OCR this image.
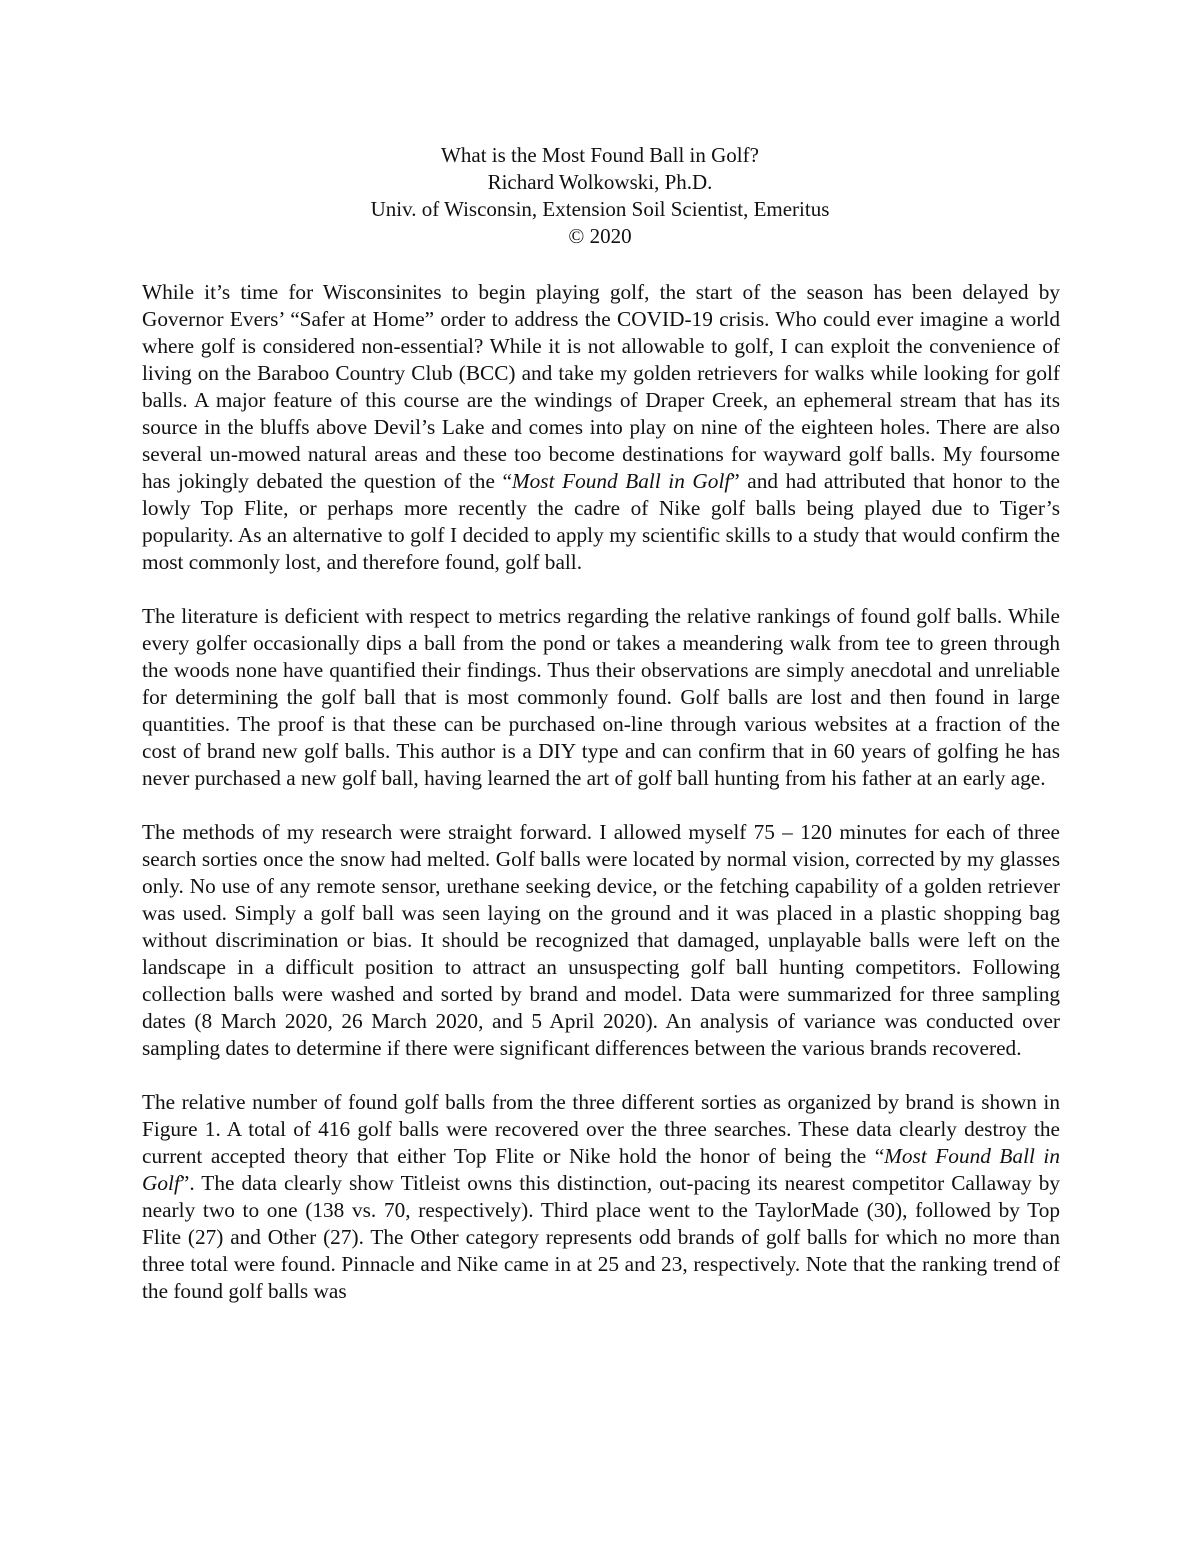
What is the Most Found Ball in Golf?
Richard Wolkowski, Ph.D.
Univ. of Wisconsin, Extension Soil Scientist, Emeritus
© 2020

While it’s time for Wisconsinites to begin playing golf, the start of the season has been delayed by Governor Evers’ “Safer at Home” order to address the COVID-19 crisis. Who could ever imagine a world where golf is considered non-essential? While it is not allowable to golf, I can exploit the convenience of living on the Baraboo Country Club (BCC) and take my golden retrievers for walks while looking for golf balls. A major feature of this course are the windings of Draper Creek, an ephemeral stream that has its source in the bluffs above Devil’s Lake and comes into play on nine of the eighteen holes. There are also several un-mowed natural areas and these too become destinations for wayward golf balls. My foursome has jokingly debated the question of the “Most Found Ball in Golf” and had attributed that honor to the lowly Top Flite, or perhaps more recently the cadre of Nike golf balls being played due to Tiger’s popularity. As an alternative to golf I decided to apply my scientific skills to a study that would confirm the most commonly lost, and therefore found, golf ball.

The literature is deficient with respect to metrics regarding the relative rankings of found golf balls. While every golfer occasionally dips a ball from the pond or takes a meandering walk from tee to green through the woods none have quantified their findings. Thus their observations are simply anecdotal and unreliable for determining the golf ball that is most commonly found. Golf balls are lost and then found in large quantities. The proof is that these can be purchased on-line through various websites at a fraction of the cost of brand new golf balls. This author is a DIY type and can confirm that in 60 years of golfing he has never purchased a new golf ball, having learned the art of golf ball hunting from his father at an early age.

The methods of my research were straight forward. I allowed myself 75 – 120 minutes for each of three search sorties once the snow had melted. Golf balls were located by normal vision, corrected by my glasses only. No use of any remote sensor, urethane seeking device, or the fetching capability of a golden retriever was used. Simply a golf ball was seen laying on the ground and it was placed in a plastic shopping bag without discrimination or bias. It should be recognized that damaged, unplayable balls were left on the landscape in a difficult position to attract an unsuspecting golf ball hunting competitors. Following collection balls were washed and sorted by brand and model. Data were summarized for three sampling dates (8 March 2020, 26 March 2020, and 5 April 2020). An analysis of variance was conducted over sampling dates to determine if there were significant differences between the various brands recovered.

The relative number of found golf balls from the three different sorties as organized by brand is shown in Figure 1. A total of 416 golf balls were recovered over the three searches. These data clearly destroy the current accepted theory that either Top Flite or Nike hold the honor of being the “Most Found Ball in Golf”. The data clearly show Titleist owns this distinction, out-pacing its nearest competitor Callaway by nearly two to one (138 vs. 70, respectively). Third place went to the TaylorMade (30), followed by Top Flite (27) and Other (27). The Other category represents odd brands of golf balls for which no more than three total were found. Pinnacle and Nike came in at 25 and 23, respectively. Note that the ranking trend of the found golf balls was
